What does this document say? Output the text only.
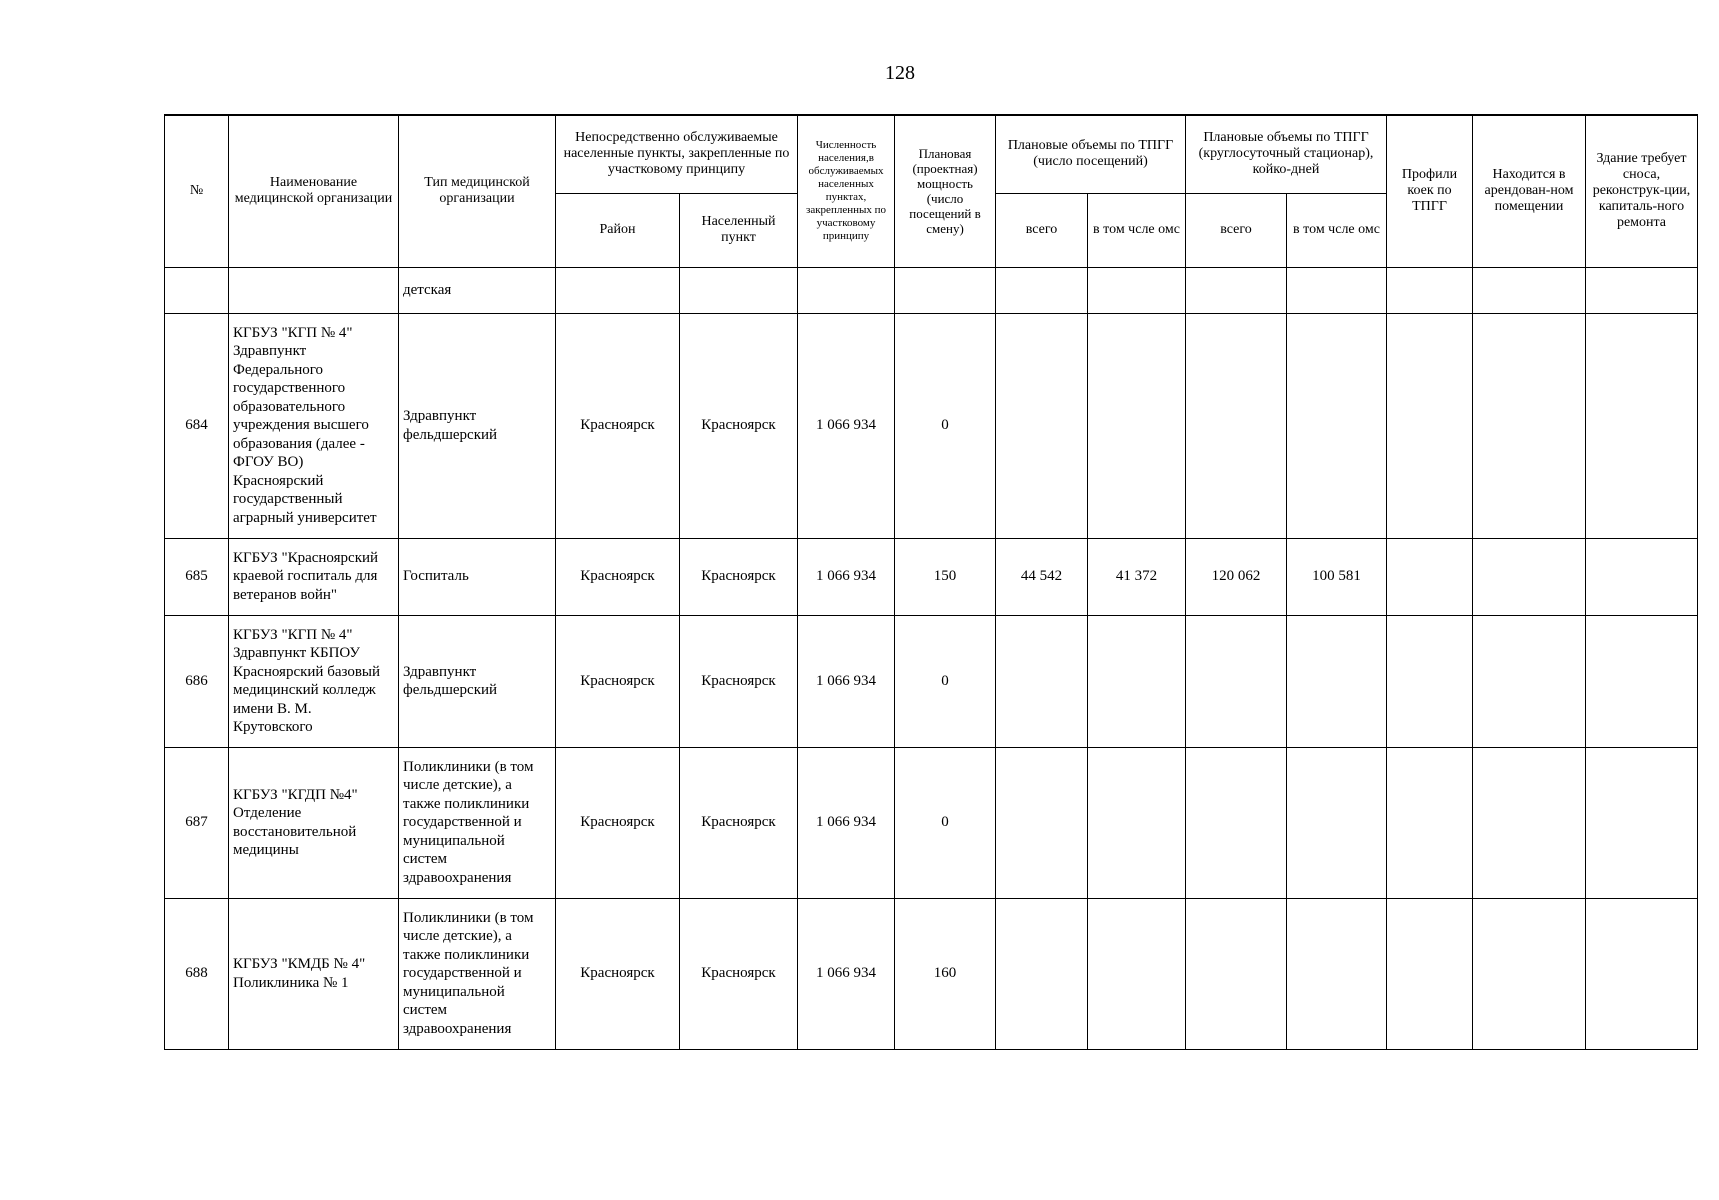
128
№	Наименование медицинской организации	Тип медицинской организации	Непосредственно обслуживаемые населенные пункты, закрепленные по участковому принципу		Численность населения,в обслуживаемых населенных пунктах, закрепленных по участковому принципу	Плановая (проектная) мощность (число посещений в смену)	Плановые объемы по ТПГГ (число посещений)		Плановые объемы по ТПГГ (круглосуточный стационар), койко-дней		Профили коек по ТПГГ	Находится в арендован-ном помещении	Здание требует сноса, реконструк-ции, капиталь-ного ремонта
			Район	Населенный пункт			всего	в том чсле омс	всего	в том чсле омс			
		детская											
684	КГБУЗ "КГП № 4" Здравпункт Федерального государственного образовательного учреждения высшего образования (далее - ФГОУ ВО) Красноярский государственный аграрный университет	Здравпункт фельдшерский	Красноярск	Красноярск	1 066 934	0							
685	КГБУЗ "Красноярский краевой госпиталь для ветеранов войн"	Госпиталь	Красноярск	Красноярск	1 066 934	150	44 542	41 372	120 062	100 581			
686	КГБУЗ "КГП № 4" Здравпункт КБПОУ Красноярский базовый медицинский колледж имени В. М. Крутовского	Здравпункт фельдшерский	Красноярск	Красноярск	1 066 934	0							
687	КГБУЗ "КГДП №4" Отделение восстановительной медицины	Поликлиники (в том числе детские), а также поликлиники государственной и муниципальной систем здравоохранения	Красноярск	Красноярск	1 066 934	0							
688	КГБУЗ "КМДБ № 4" Поликлиника № 1	Поликлиники (в том числе детские), а также поликлиники государственной и муниципальной систем здравоохранения	Красноярск	Красноярск	1 066 934	160							
